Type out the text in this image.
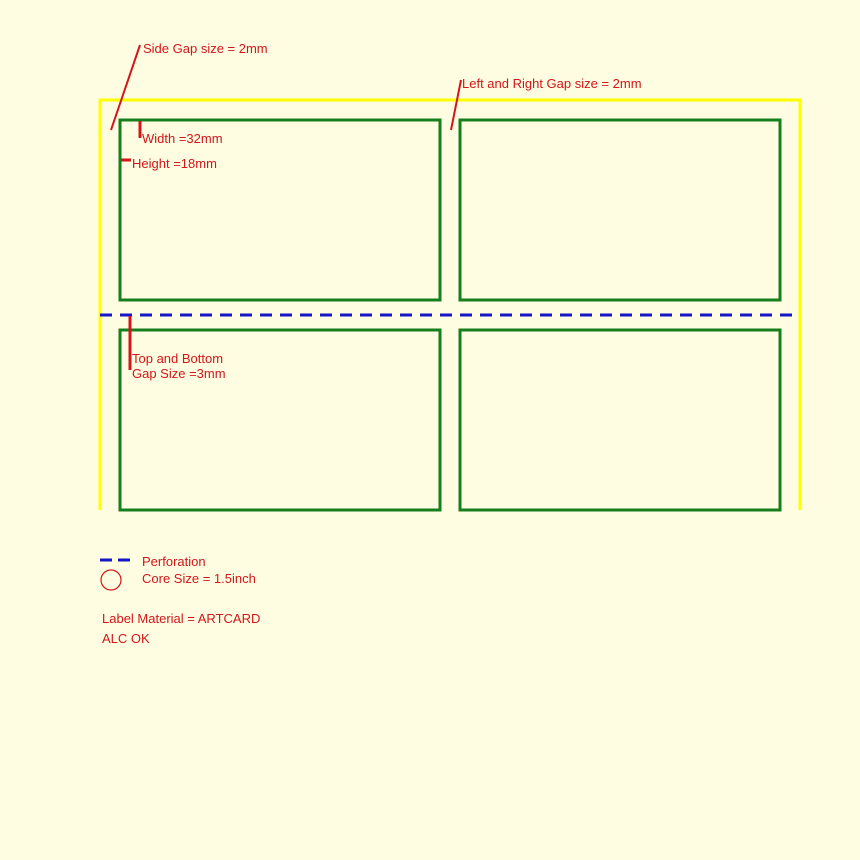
Side Gap size = 2mm
Left and Right Gap size = 2mm
Width =32mm
Height =18mm
Top and Bottom
Gap Size =3mm
Perforation
Core Size = 1.5inch
Label Material = ARTCARD
ALC OK
